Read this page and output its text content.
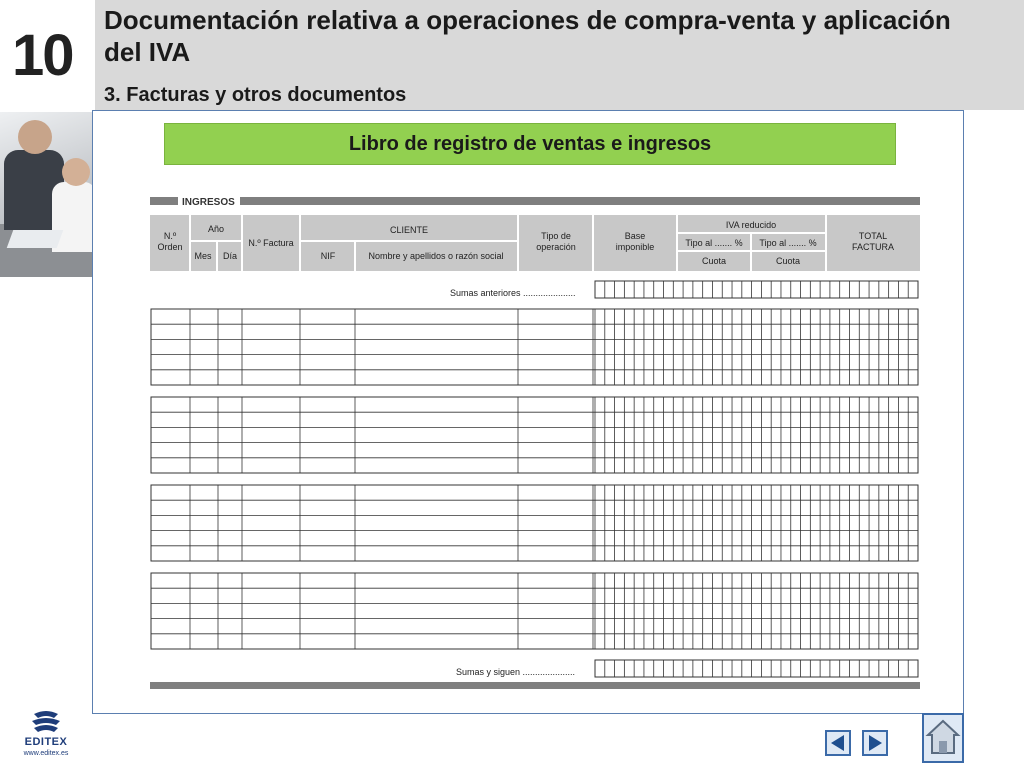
10
Documentación relativa a operaciones de compra-venta y aplicación del IVA
3. Facturas y otros documentos
Libro de registro de ventas e ingresos
INGRESOS
N.º Orden
Año
Mes Día
N.º Factura
CLIENTE
NIF	Nombre y apellidos o razón social
Tipo de operación
Base imponible
IVA reducido
Tipo al ....... % Tipo al ....... %
Cuota	Cuota
TOTAL FACTURA
Sumas anteriores .....................
Sumas y siguen .....................
EDITEX
www.editex.es
